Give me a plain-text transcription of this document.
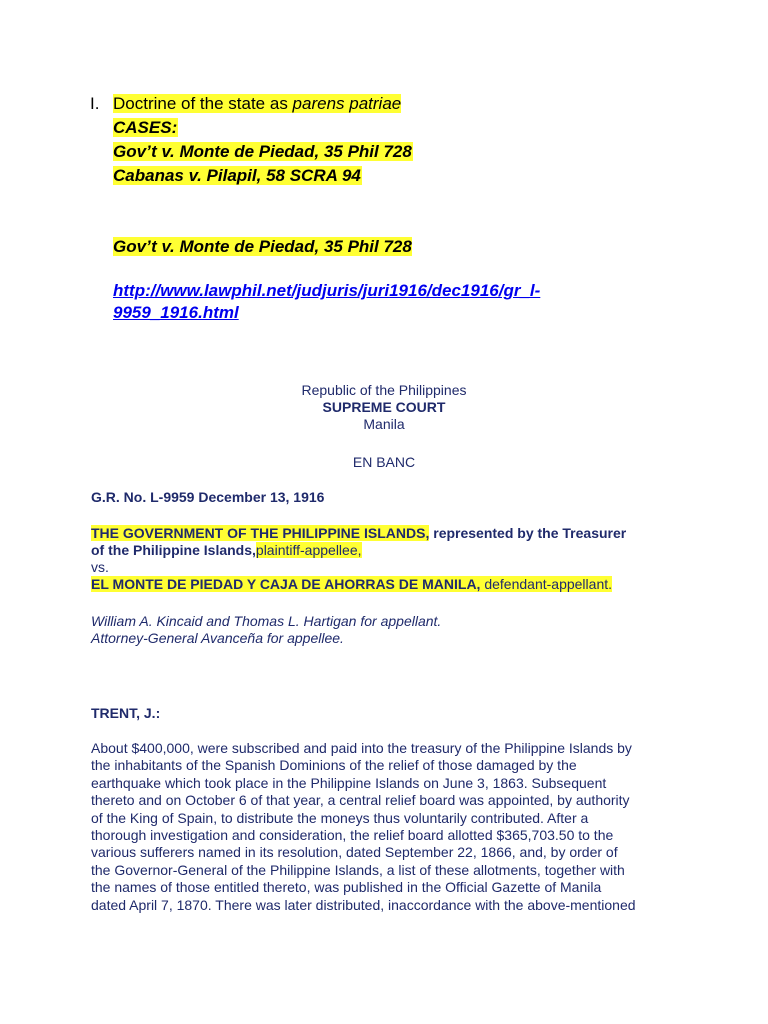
I. Doctrine of the state as parens patriae
CASES:
Gov’t v. Monte de Piedad, 35 Phil 728
Cabanas v. Pilapil, 58 SCRA 94
Gov’t v. Monte de Piedad, 35 Phil 728
http://www.lawphil.net/judjuris/juri1916/dec1916/gr_l-
9959_1916.html
Republic of the Philippines
SUPREME COURT
Manila
EN BANC
G.R. No. L-9959 December 13, 1916
THE GOVERNMENT OF THE PHILIPPINE ISLANDS, represented by the Treasurer
of the Philippine Islands,plaintiff-appellee,
vs.
EL MONTE DE PIEDAD Y CAJA DE AHORRAS DE MANILA, defendant-appellant.
William A. Kincaid and Thomas L. Hartigan for appellant.
Attorney-General Avanceña for appellee.
TRENT, J.:
About $400,000, were subscribed and paid into the treasury of the Philippine Islands by
the inhabitants of the Spanish Dominions of the relief of those damaged by the
earthquake which took place in the Philippine Islands on June 3, 1863. Subsequent
thereto and on October 6 of that year, a central relief board was appointed, by authority
of the King of Spain, to distribute the moneys thus voluntarily contributed. After a
thorough investigation and consideration, the relief board allotted $365,703.50 to the
various sufferers named in its resolution, dated September 22, 1866, and, by order of
the Governor-General of the Philippine Islands, a list of these allotments, together with
the names of those entitled thereto, was published in the Official Gazette of Manila
dated April 7, 1870. There was later distributed, inaccordance with the above-mentioned
